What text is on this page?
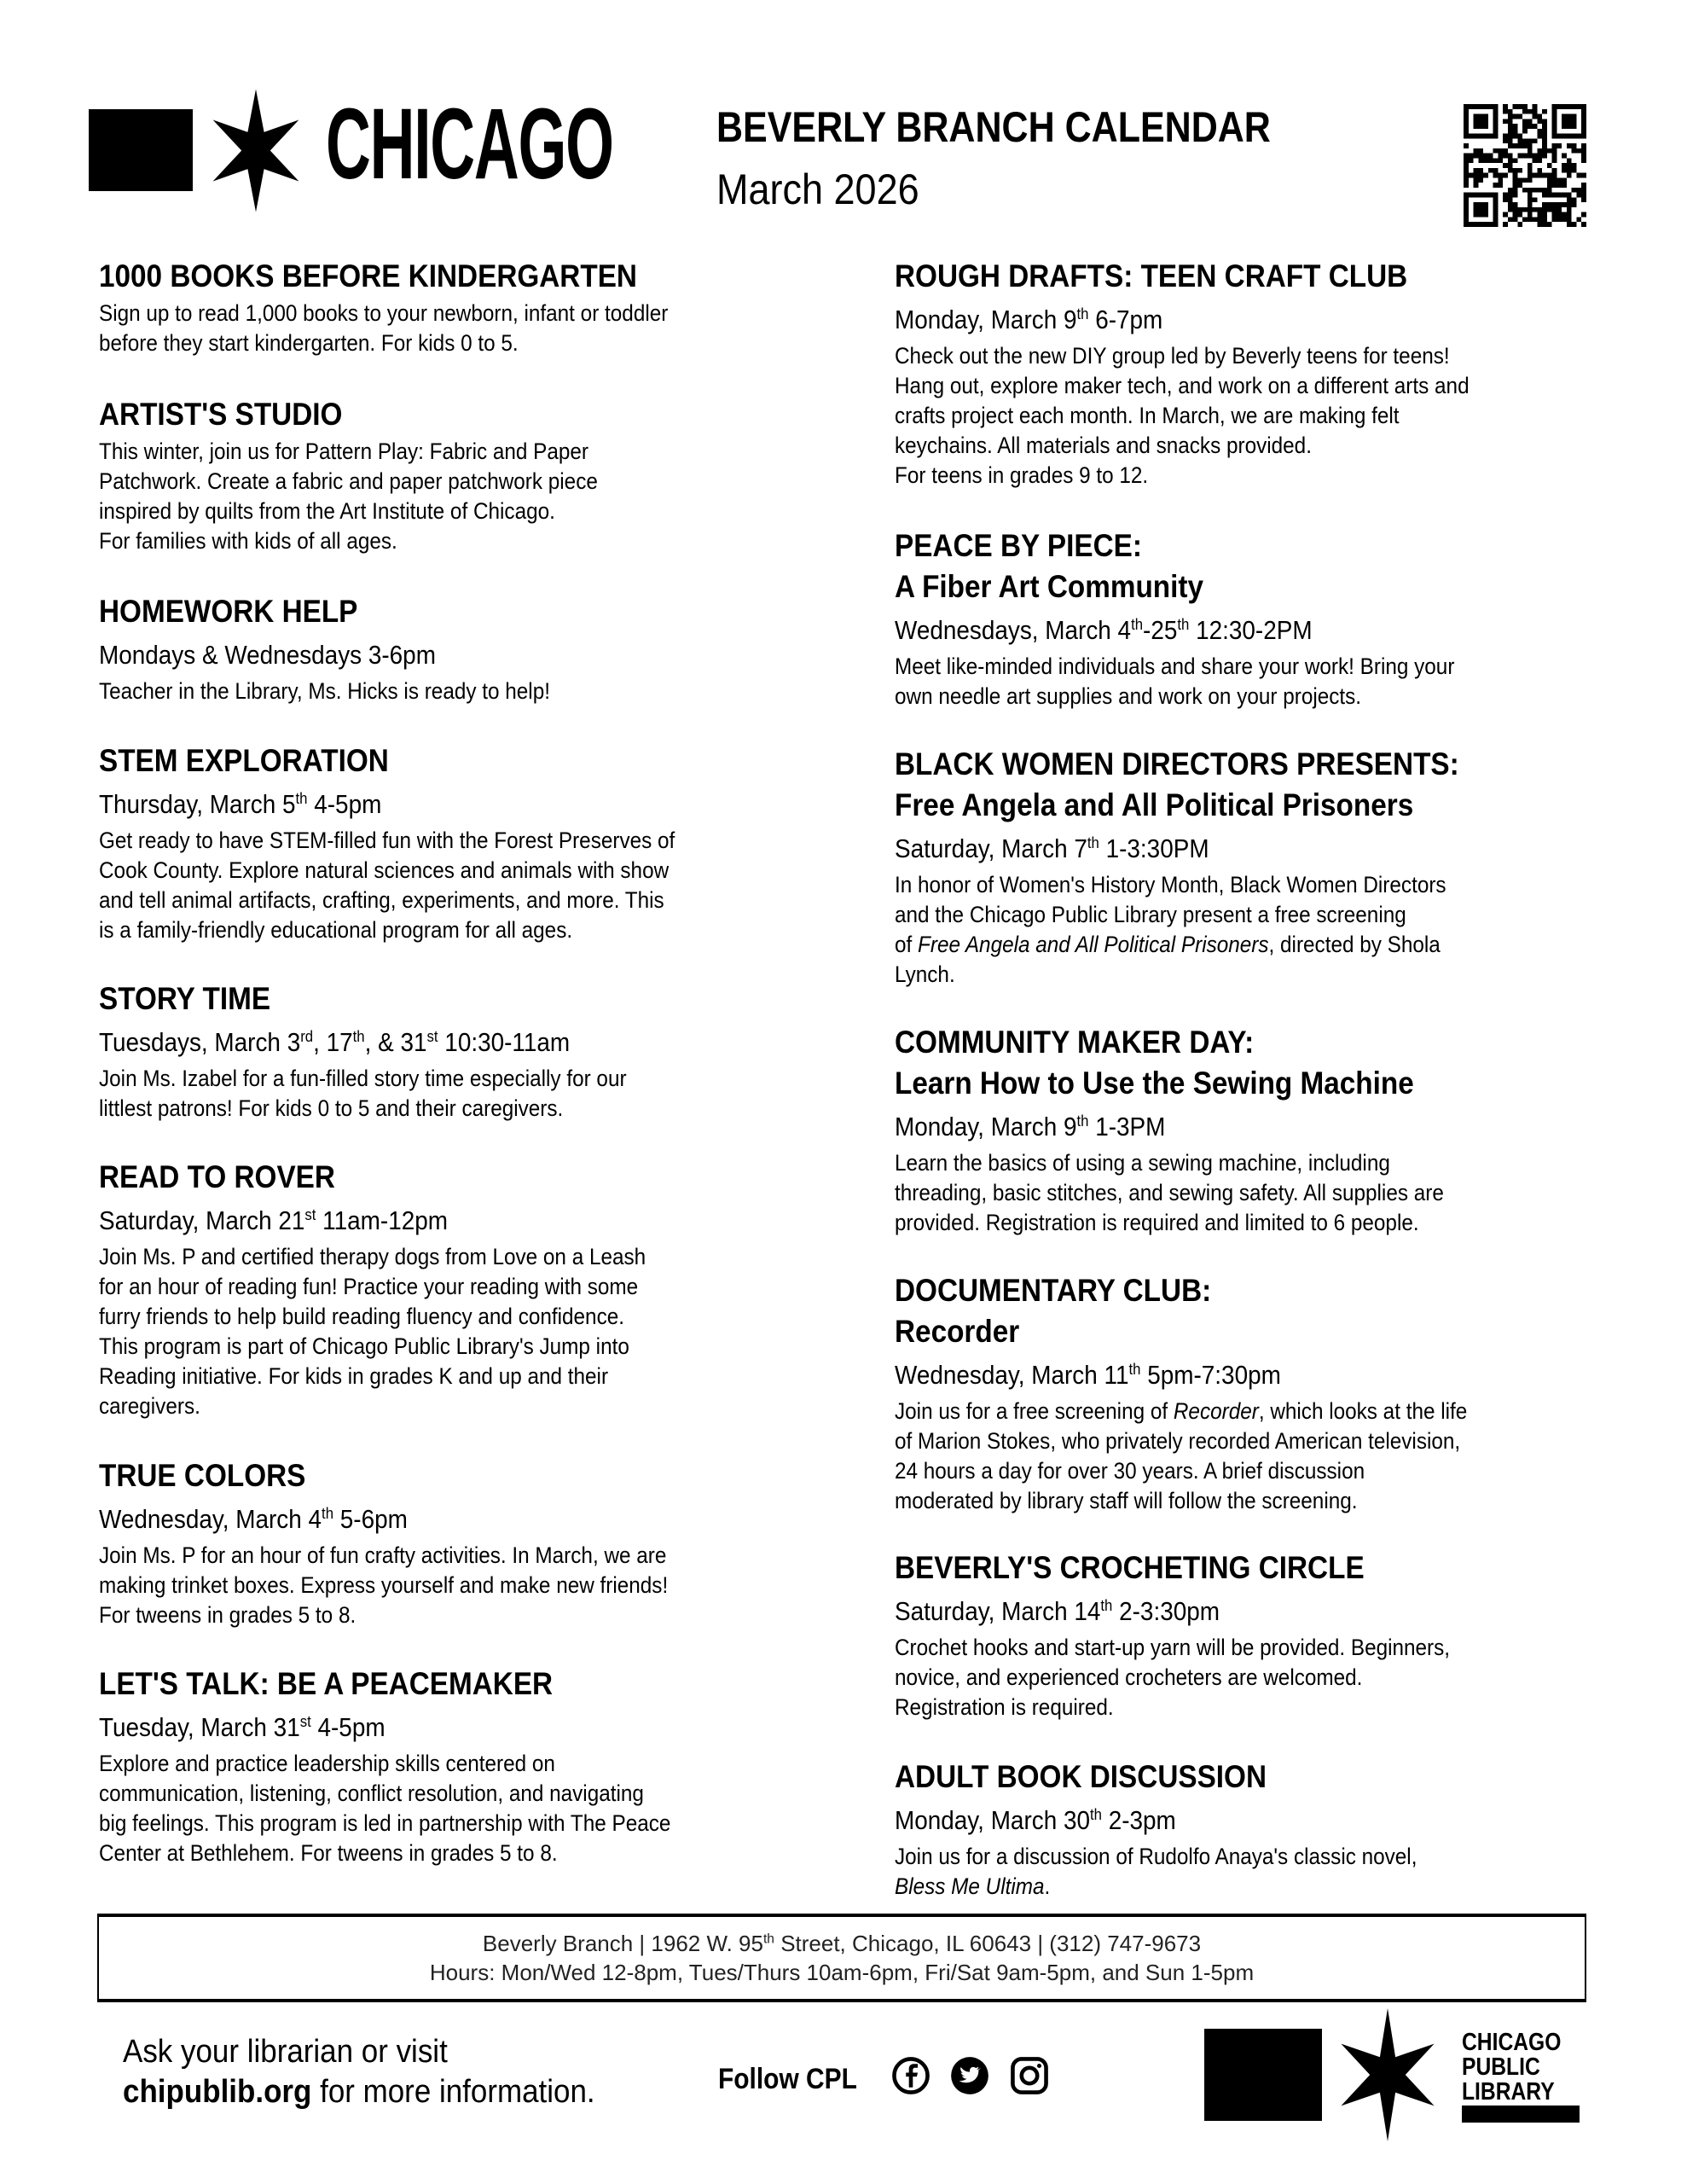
CHICAGO BEVERLY BRANCH CALENDAR
March 2026
1000 BOOKS BEFORE KINDERGARTEN
Sign up to read 1,000 books to your newborn, infant or toddler
before they start kindergarten. For kids 0 to 5.
ARTIST'S STUDIO
This winter, join us for Pattern Play: Fabric and Paper
Patchwork. Create a fabric and paper patchwork piece
inspired by quilts from the Art Institute of Chicago.
For families with kids of all ages.
HOMEWORK HELP
Mondays & Wednesdays 3-6pm
Teacher in the Library, Ms. Hicks is ready to help!
STEM EXPLORATION
Thursday, March 5th 4-5pm
Get ready to have STEM-filled fun with the Forest Preserves of
Cook County. Explore natural sciences and animals with show
and tell animal artifacts, crafting, experiments, and more. This
is a family-friendly educational program for all ages.
STORY TIME
Tuesdays, March 3rd, 17th, & 31st 10:30-11am
Join Ms. Izabel for a fun-filled story time especially for our
littlest patrons! For kids 0 to 5 and their caregivers.
READ TO ROVER
Saturday, March 21st 11am-12pm
Join Ms. P and certified therapy dogs from Love on a Leash
for an hour of reading fun! Practice your reading with some
furry friends to help build reading fluency and confidence.
This program is part of Chicago Public Library's Jump into
Reading initiative. For kids in grades K and up and their
caregivers.
TRUE COLORS
Wednesday, March 4th 5-6pm
Join Ms. P for an hour of fun crafty activities. In March, we are
making trinket boxes. Express yourself and make new friends!
For tweens in grades 5 to 8.
LET'S TALK: BE A PEACEMAKER
Tuesday, March 31st 4-5pm
Explore and practice leadership skills centered on
communication, listening, conflict resolution, and navigating
big feelings. This program is led in partnership with The Peace
Center at Bethlehem. For tweens in grades 5 to 8.
ROUGH DRAFTS: TEEN CRAFT CLUB
Monday, March 9th 6-7pm
Check out the new DIY group led by Beverly teens for teens!
Hang out, explore maker tech, and work on a different arts and
crafts project each month. In March, we are making felt
keychains. All materials and snacks provided.
For teens in grades 9 to 12.
PEACE BY PIECE:
A Fiber Art Community
Wednesdays, March 4th-25th 12:30-2PM
Meet like-minded individuals and share your work! Bring your
own needle art supplies and work on your projects.
BLACK WOMEN DIRECTORS PRESENTS:
Free Angela and All Political Prisoners
Saturday, March 7th 1-3:30PM
In honor of Women's History Month, Black Women Directors
and the Chicago Public Library present a free screening
of Free Angela and All Political Prisoners, directed by Shola
Lynch.
COMMUNITY MAKER DAY:
Learn How to Use the Sewing Machine
Monday, March 9th 1-3PM
Learn the basics of using a sewing machine, including
threading, basic stitches, and sewing safety. All supplies are
provided. Registration is required and limited to 6 people.
DOCUMENTARY CLUB:
Recorder
Wednesday, March 11th 5pm-7:30pm
Join us for a free screening of Recorder, which looks at the life
of Marion Stokes, who privately recorded American television,
24 hours a day for over 30 years. A brief discussion
moderated by library staff will follow the screening.
BEVERLY'S CROCHETING CIRCLE
Saturday, March 14th 2-3:30pm
Crochet hooks and start-up yarn will be provided. Beginners,
novice, and experienced crocheters are welcomed.
Registration is required.
ADULT BOOK DISCUSSION
Monday, March 30th 2-3pm
Join us for a discussion of Rudolfo Anaya's classic novel,
Bless Me Ultima.
Beverly Branch | 1962 W. 95th Street, Chicago, IL 60643 | (312) 747-9673
Hours: Mon/Wed 12-8pm, Tues/Thurs 10am-6pm, Fri/Sat 9am-5pm, and Sun 1-5pm
Ask your librarian or visit
chipublib.org for more information.	Follow CPL
CHICAGO
PUBLIC
LIBRARY
